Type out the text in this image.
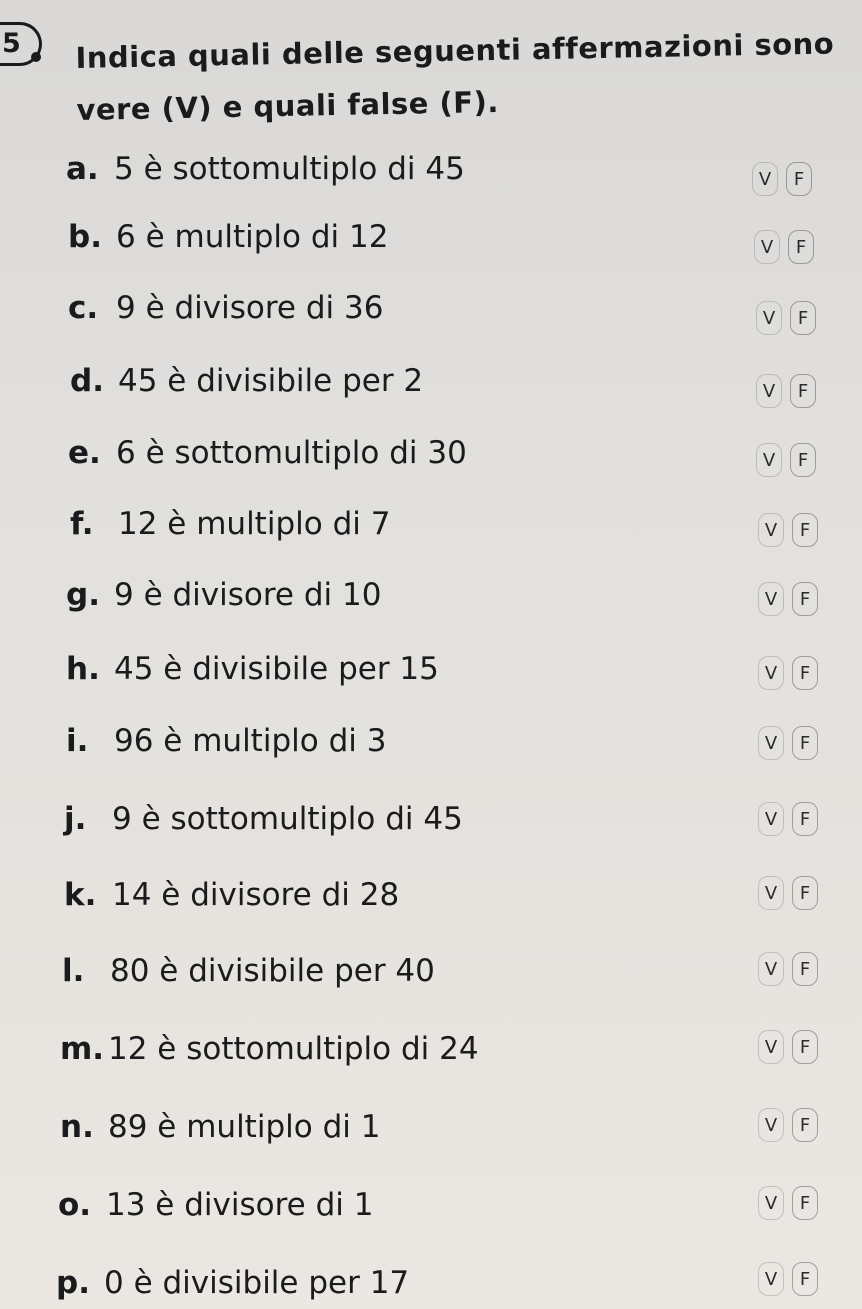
5	Indica quali delle seguenti affermazioni sono vere (V) e quali false (F).
a. 5 è sottomultiplo di 45	V	F
b. 6 è multiplo di 12	V	F
c. 9 è divisore di 36	V	F
d. 45 è divisibile per 2	V	F
e. 6 è sottomultiplo di 30	V	F
f. 12 è multiplo di 7	V	F
g. 9 è divisore di 10	V	F
h. 45 è divisibile per 15	V	F
i. 96 è multiplo di 3	V	F
j. 9 è sottomultiplo di 45	V	F
k. 14 è divisore di 28	V	F
l. 80 è divisibile per 40	V	F
m. 12 è sottomultiplo di 24	V	F
n. 89 è multiplo di 1	V	F
o. 13 è divisore di 1	V	F
p. 0 è divisibile per 17	V	F
